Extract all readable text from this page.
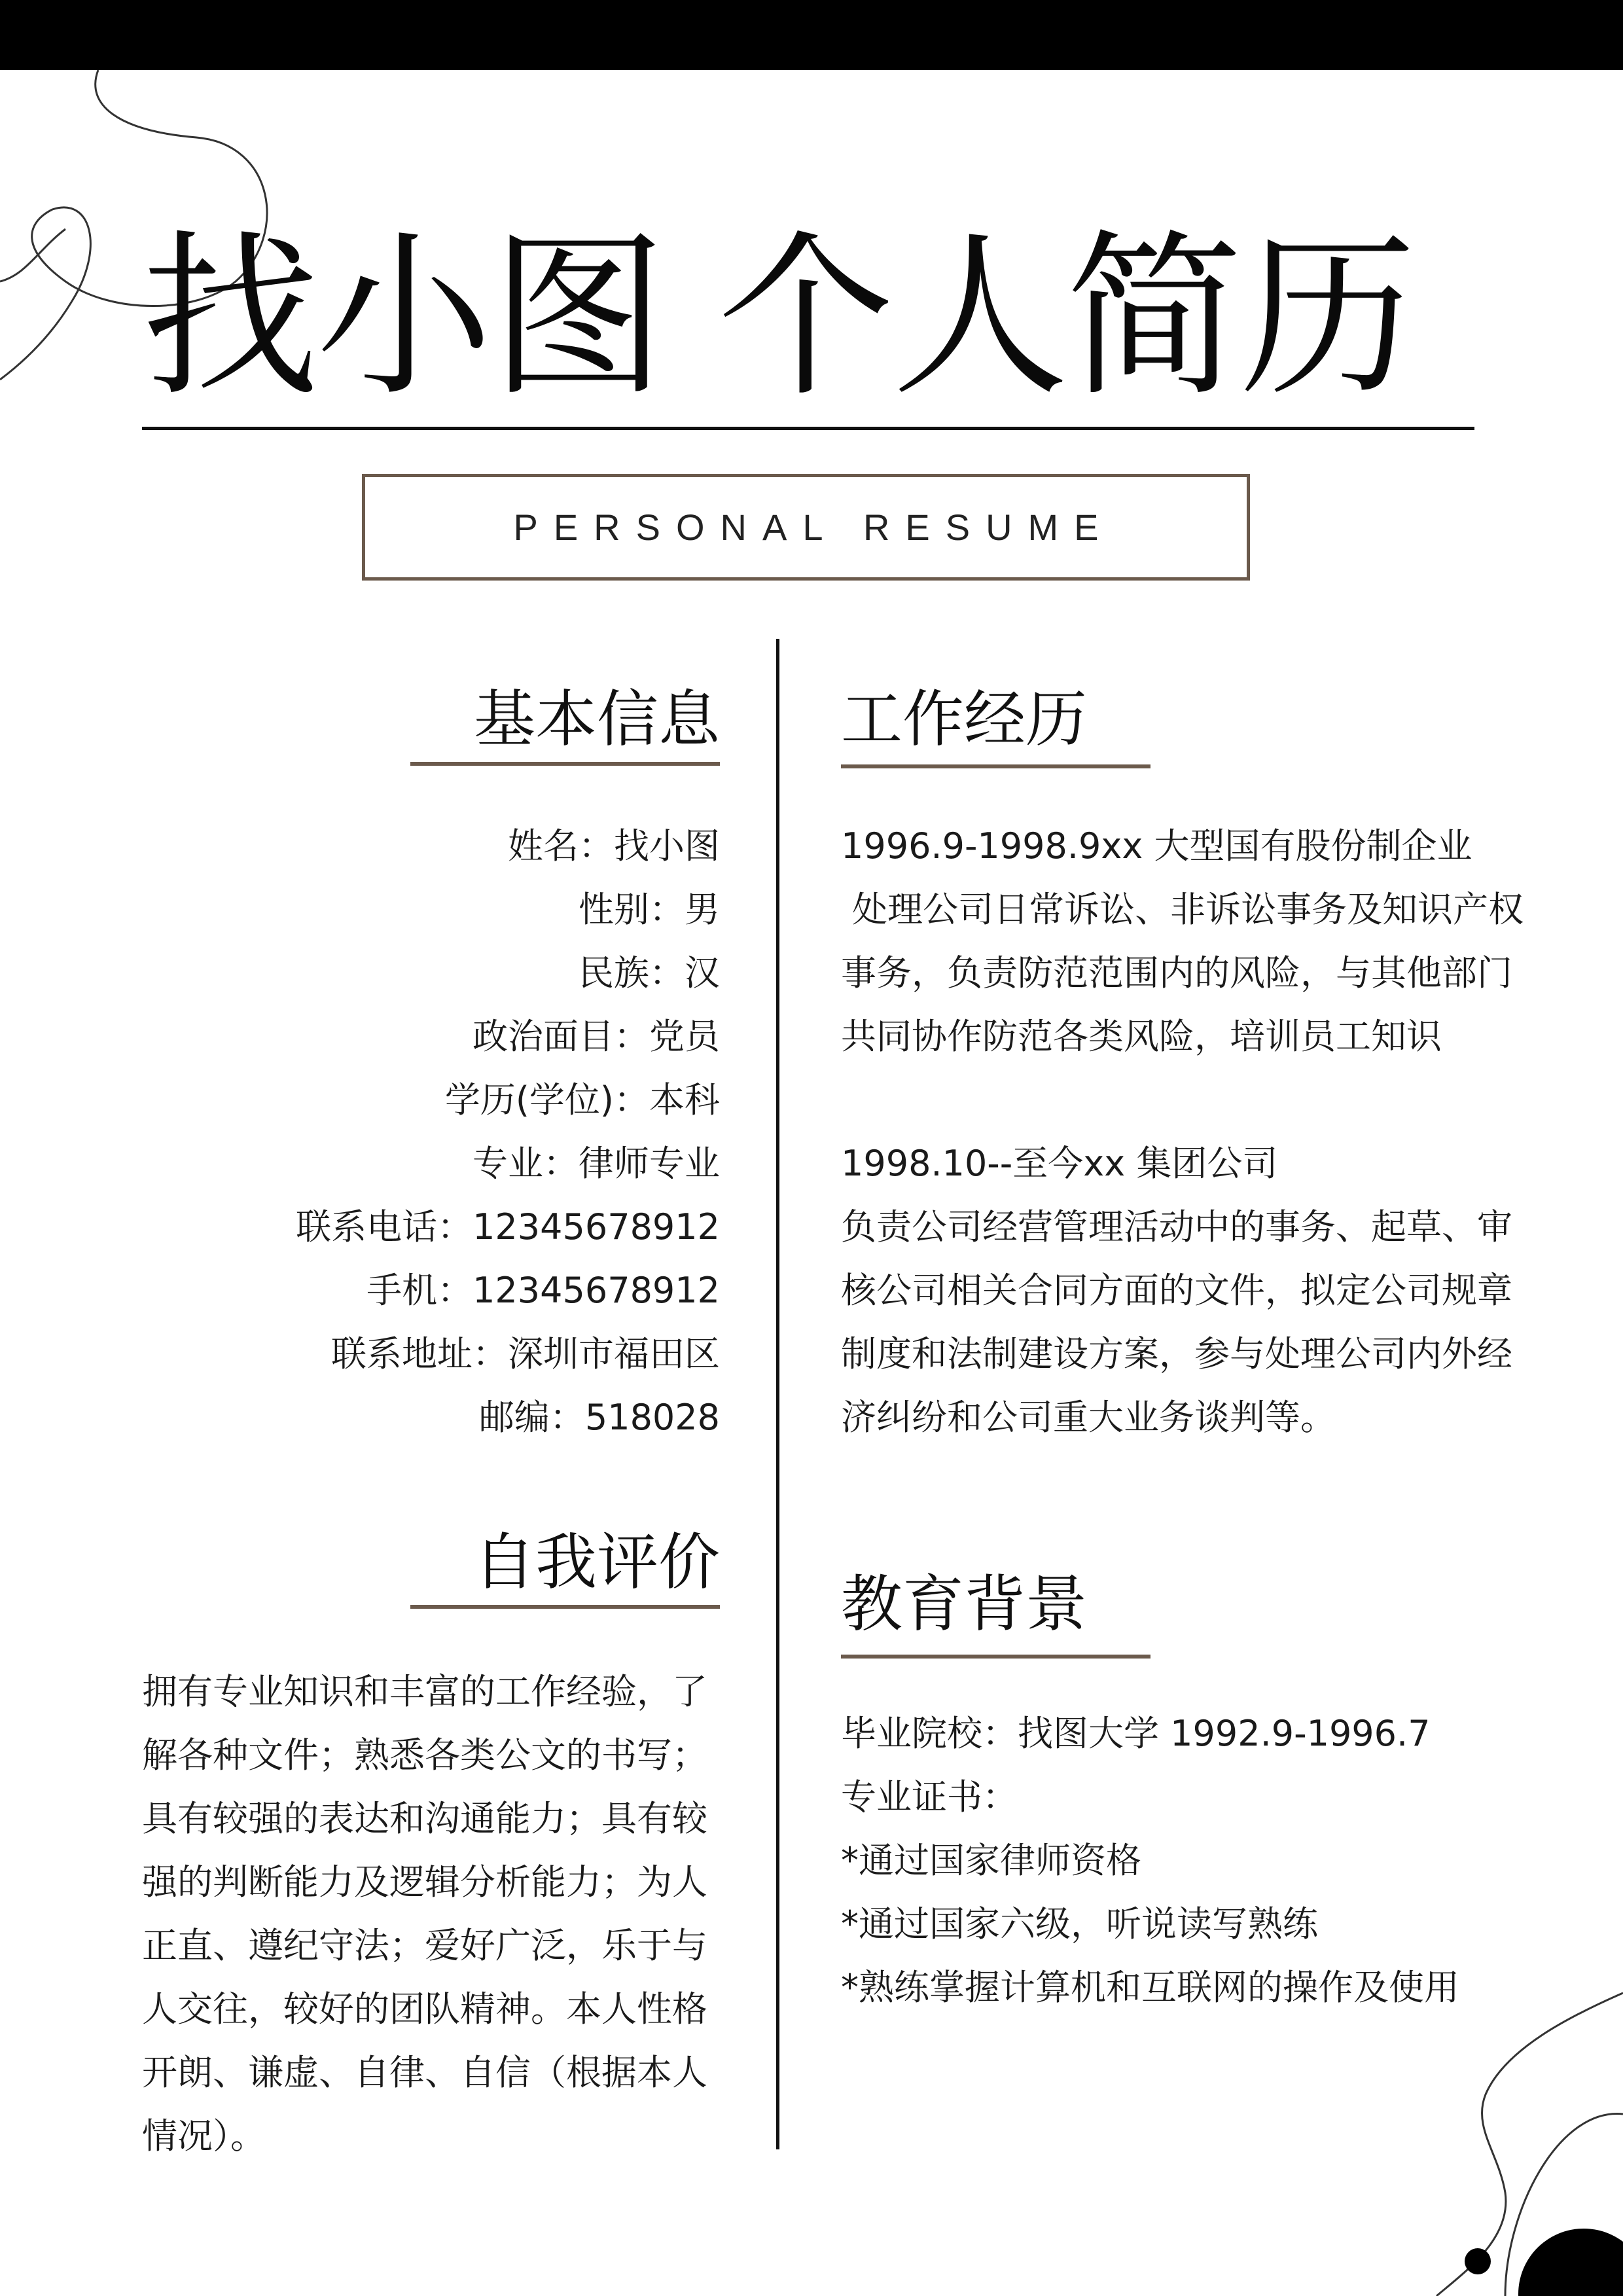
找小图 个人简历
PERSONAL RESUME
基本信息
姓名：找小图
性别：男
民族：汉
政治面目：党员
学历(学位)：本科
专业：律师专业
联系电话：12345678912
手机：12345678912
联系地址：深圳市福田区
邮编：518028
自我评价
拥有专业知识和丰富的工作经验，了
解各种文件；熟悉各类公文的书写；
具有较强的表达和沟通能力；具有较
强的判断能力及逻辑分析能力；为人
正直、遵纪守法；爱好广泛，乐于与
人交往，较好的团队精神。本人性格
开朗、谦虚、自律、自信（根据本人
情况）。
工作经历
1996.9-1998.9xx 大型国有股份制企业
处理公司日常诉讼、非诉讼事务及知识产权
事务，负责防范范围内的风险，与其他部门
共同协作防范各类风险，培训员工知识
1998.10--至今xx 集团公司
负责公司经营管理活动中的事务、起草、审
核公司相关合同方面的文件，拟定公司规章
制度和法制建设方案，参与处理公司内外经
济纠纷和公司重大业务谈判等。
教育背景
毕业院校：找图大学 1992.9-1996.7
专业证书：
*通过国家律师资格
*通过国家六级，听说读写熟练
*熟练掌握计算机和互联网的操作及使用
